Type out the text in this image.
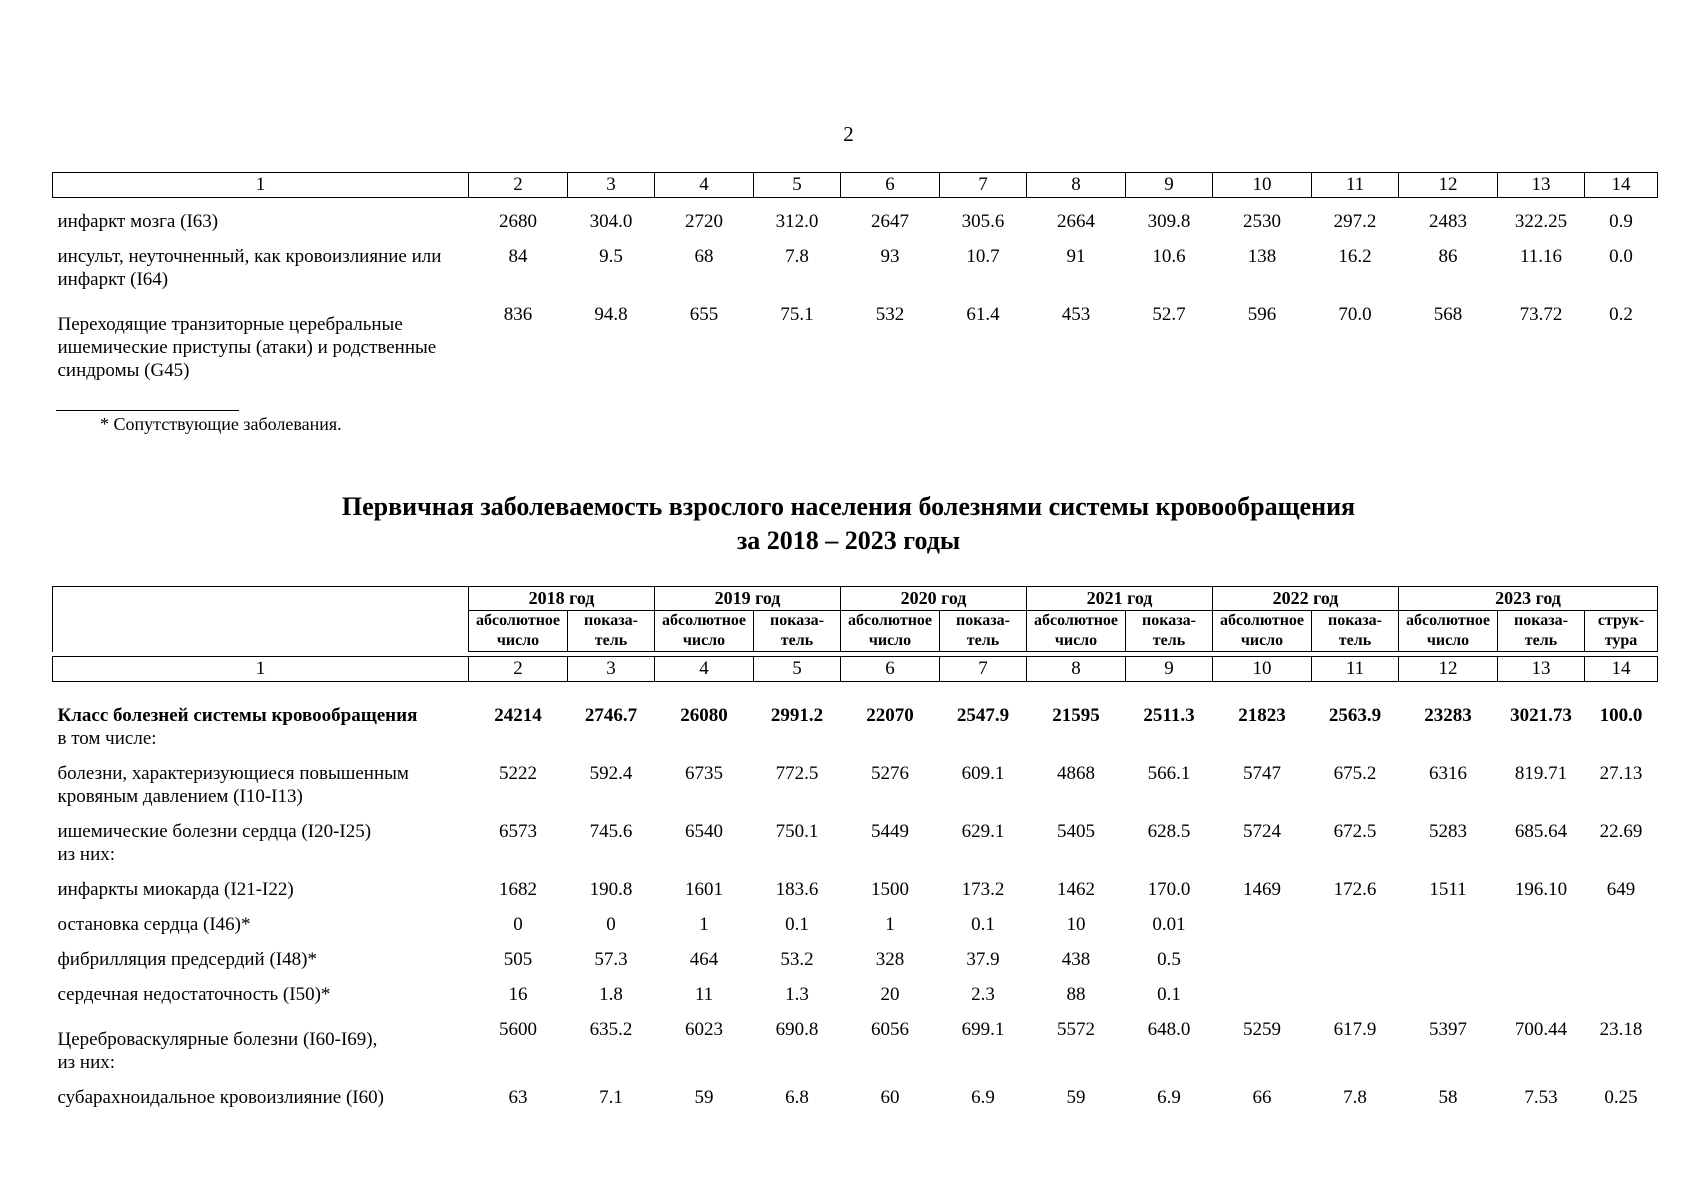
2
1	2	3	4	5	6	7	8	9	10	11	12	13	14

инфаркт мозга (I63)	2680	304.0	2720	312.0	2647	305.6	2664	309.8	2530	297.2	2483	322.25	0.9

инсульт, неуточненный, как кровоизлияние или инфаркт (I64)	84	9.5	68	7.8	93	10.7	91	10.6	138	16.2	86	11.16	0.0

Переходящие транзиторные церебральные ишемические приступы (атаки) и родственные синдромы (G45)	836	94.8	655	75.1	532	61.4	453	52.7	596	70.0	568	73.72	0.2
* Сопутствующие заболевания.
Первичная заболеваемость взрослого населения болезнями системы кровообращения
за 2018 – 2023 годы
	2018 год		2019 год		2020 год		2021 год		2022 год		2023 год		
	абсолютное число	показа- тель	абсолютное число	показа- тель	абсолютное число	показа- тель	абсолютное число	показа- тель	абсолютное число	показа- тель	абсолютное число	показа- тель	струк- тура

1	2	3	4	5	6	7	8	9	10	11	12	13	14

Класс болезней системы кровообращения
в том числе:	24214	2746.7	26080	2991.2	22070	2547.9	21595	2511.3	21823	2563.9	23283	3021.73	100.0

болезни, характеризующиеся повышенным кровяным давлением (I10-I13)	5222	592.4	6735	772.5	5276	609.1	4868	566.1	5747	675.2	6316	819.71	27.13

ишемические болезни сердца (I20-I25)
из них:	6573	745.6	6540	750.1	5449	629.1	5405	628.5	5724	672.5	5283	685.64	22.69

инфаркты миокарда (I21-I22)	1682	190.8	1601	183.6	1500	173.2	1462	170.0	1469	172.6	1511	196.10	649

остановка сердца (I46)*	0	0	1	0.1	1	0.1	10	0.01					

фибрилляция предсердий (I48)*	505	57.3	464	53.2	328	37.9	438	0.5					

сердечная недостаточность (I50)*	16	1.8	11	1.3	20	2.3	88	0.1					

Цереброваскулярные болезни (I60-I69),
из них:	5600	635.2	6023	690.8	6056	699.1	5572	648.0	5259	617.9	5397	700.44	23.18

субарахноидальное кровоизлияние (I60)	63	7.1	59	6.8	60	6.9	59	6.9	66	7.8	58	7.53	0.25
